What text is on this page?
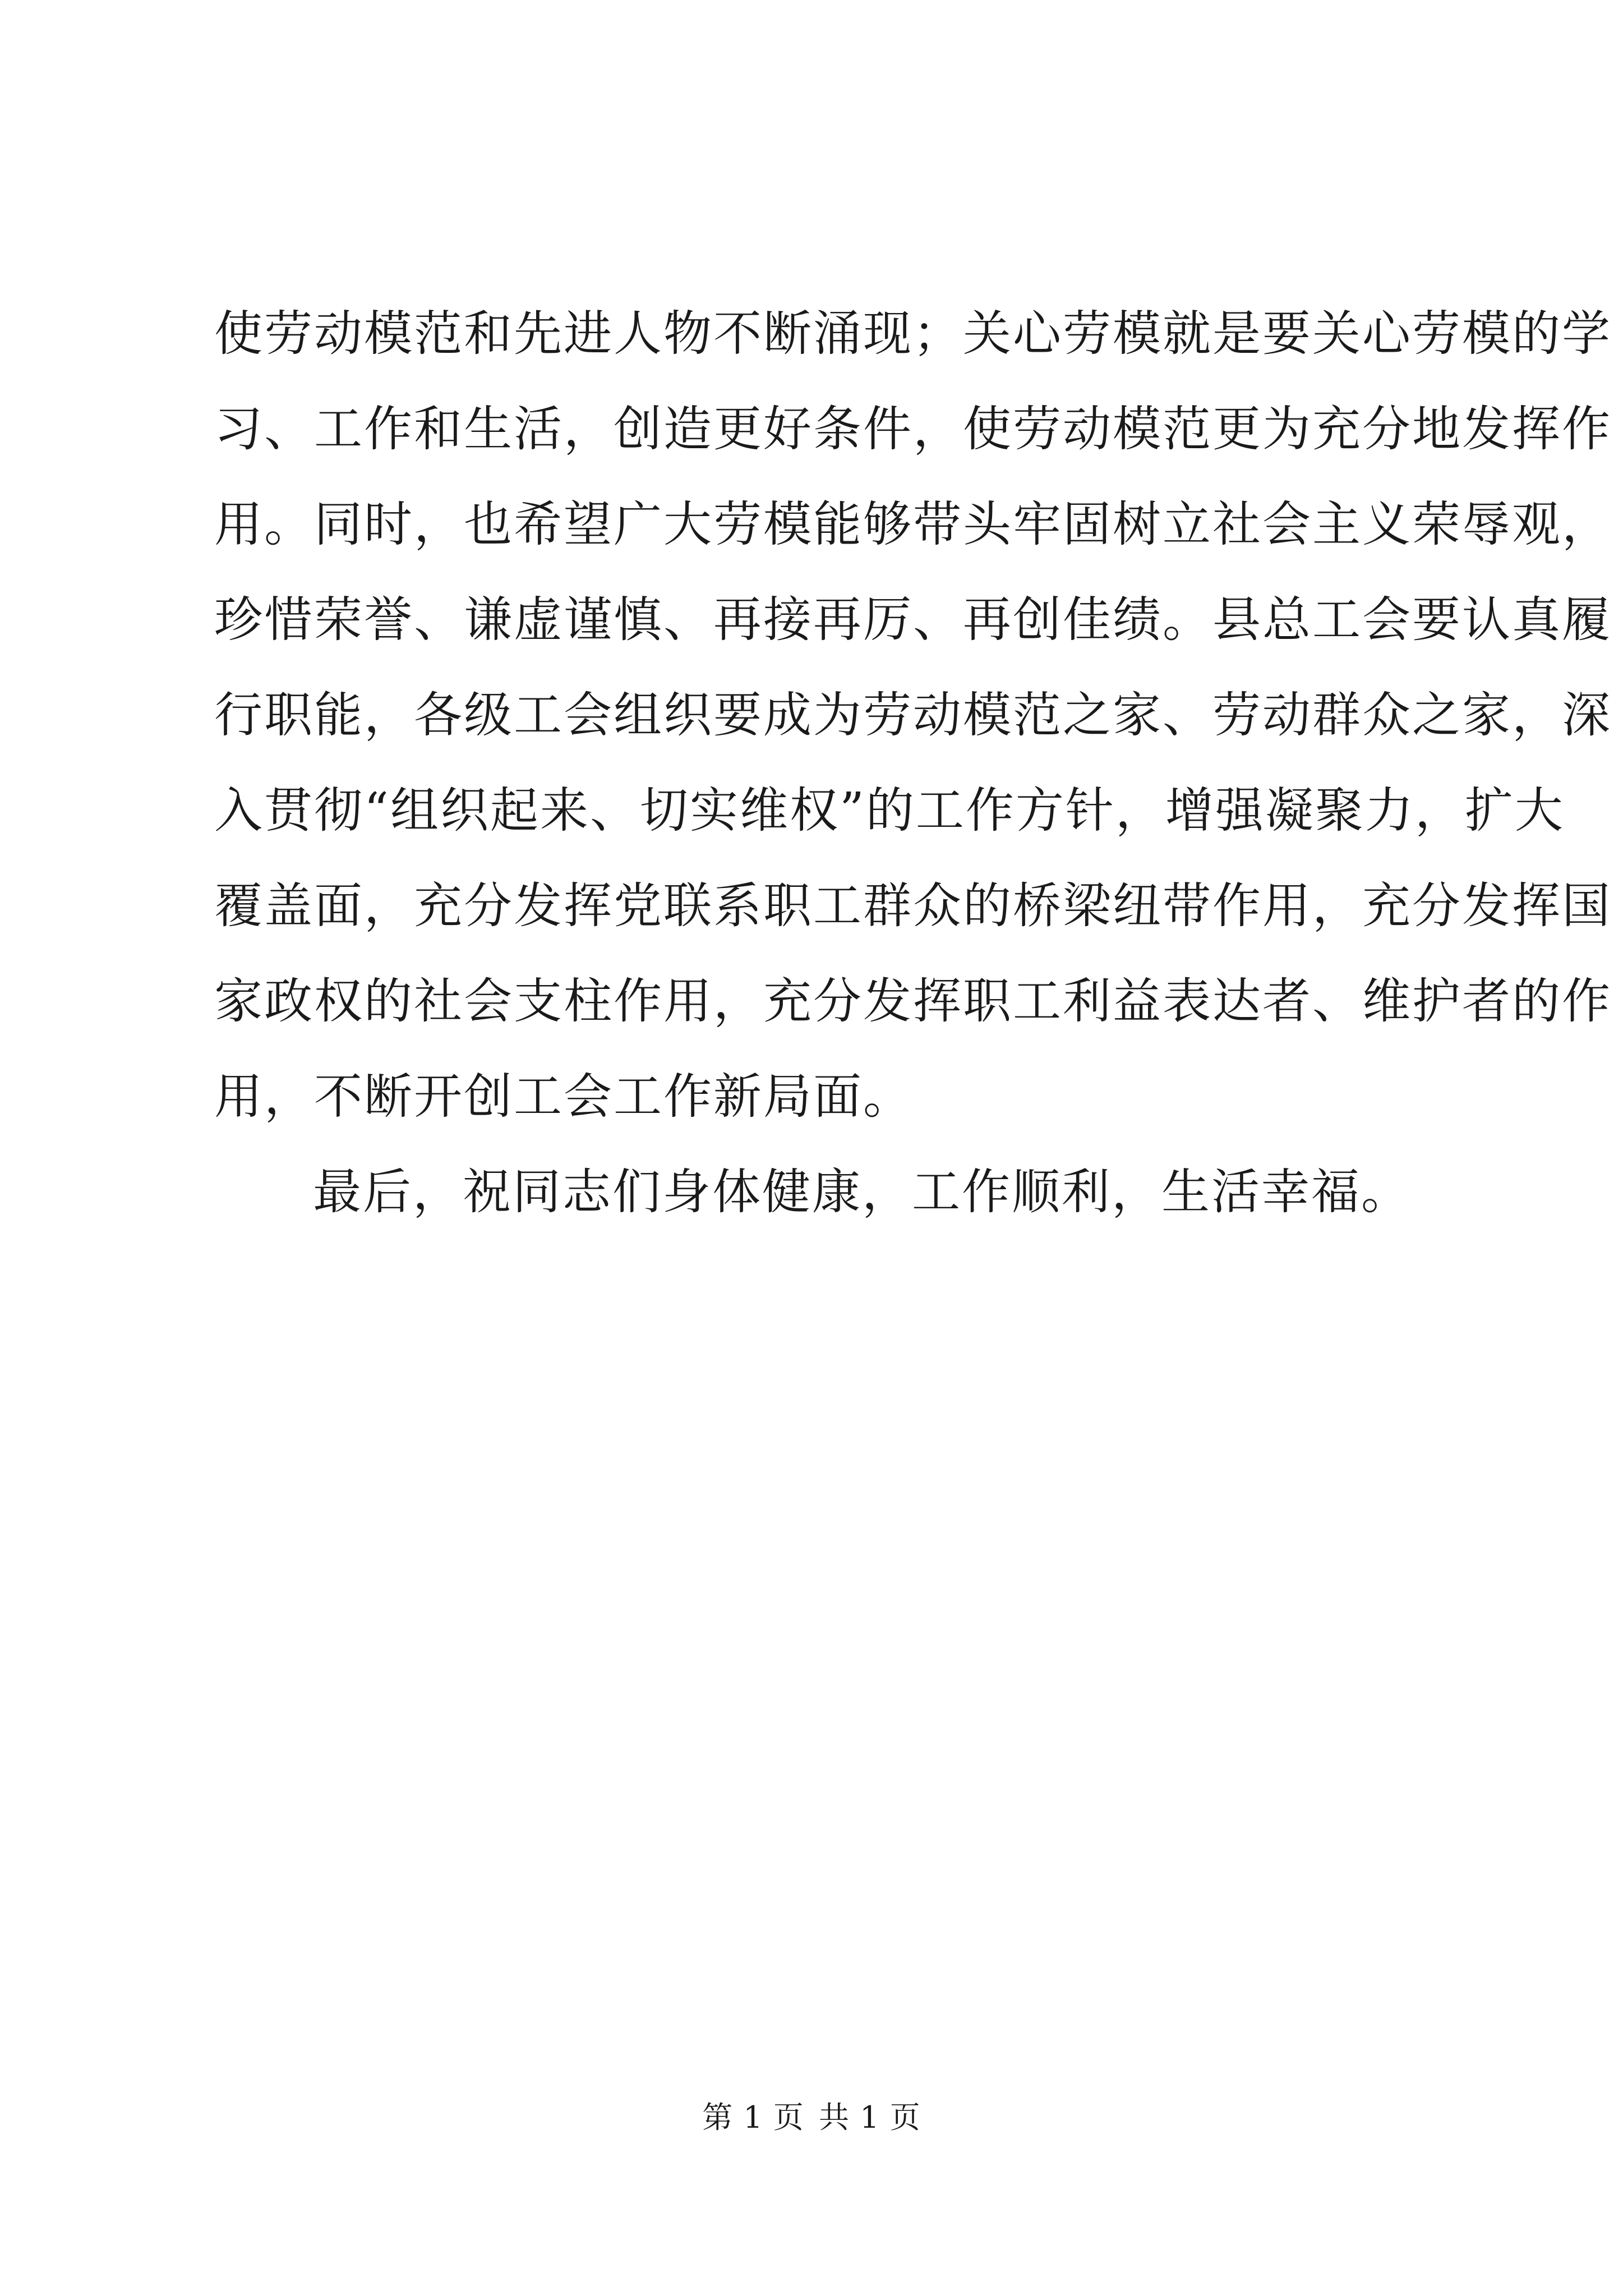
使劳动模范和先进人物不断涌现；关心劳模就是要关心劳模的学
习、工作和生活，创造更好条件，使劳动模范更为充分地发挥作
用。同时，也希望广大劳模能够带头牢固树立社会主义荣辱观，
珍惜荣誉、谦虚谨慎、再接再厉、再创佳绩。县总工会要认真履
行职能，各级工会组织要成为劳动模范之家、劳动群众之家，深
入贯彻“组织起来、切实维权”的工作方针，增强凝聚力，扩大
覆盖面，充分发挥党联系职工群众的桥梁纽带作用，充分发挥国
家政权的社会支柱作用，充分发挥职工利益表达者、维护者的作
用，不断开创工会工作新局面。
最后，祝同志们身体健康，工作顺利，生活幸福。
第 1 页 共 1 页
